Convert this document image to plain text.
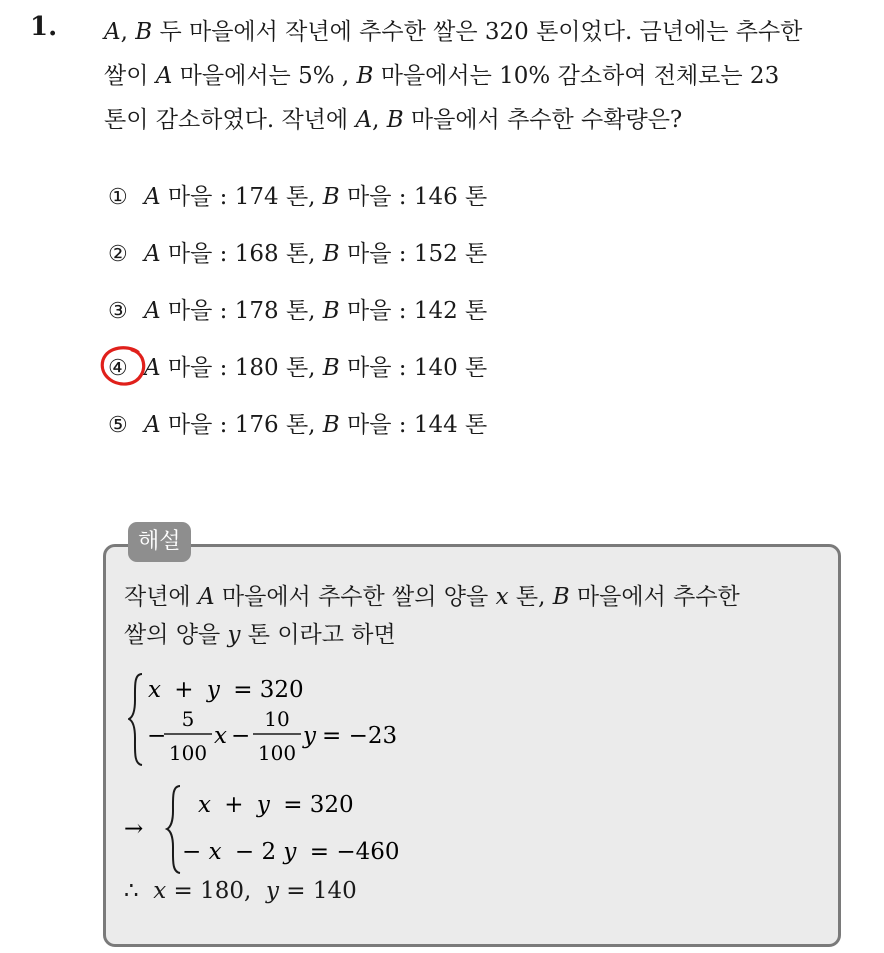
1. A, B 두 마을에서 작년에 추수한 쌀은 320 톤이었다. 금년에는 추수한

쌀이 A 마을에서는 5% , B 마을에서는 10% 감소하여 전체로는 23

톤이 감소하였다. 작년에 A, B 마을에서 추수한 수확량은?

① A 마을 : 174 톤, B 마을 : 146 톤
② A 마을 : 168 톤, B 마을 : 152 톤
③ A 마을 : 178 톤, B 마을 : 142 톤
④ A 마을 : 180 톤, B 마을 : 140 톤
⑤ A 마을 : 176 톤, B 마을 : 144 톤
해설

작년에 A 마을에서 추수한 쌀의 양을 x 톤, B 마을에서 추수한

쌀의 양을 y 톤 이라고 하면

x + y = 320
−
5
100
x −
10
100
y = −23
→
x + y = 320
− x − 2 y = −460
∴ x = 180, y = 140
